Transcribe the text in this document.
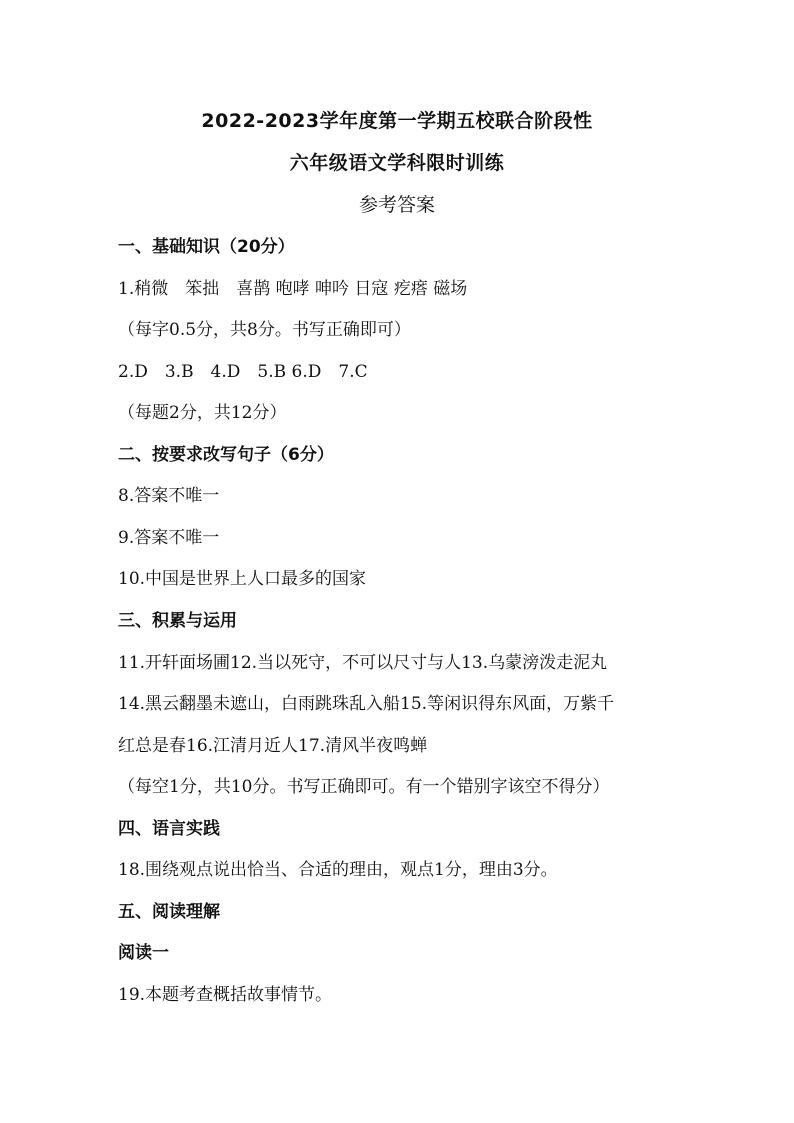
2022-2023学年度第一学期五校联合阶段性
六年级语文学科限时训练
参考答案
一、基础知识（20分）
1.稍微　笨拙　喜鹊 咆哮 呻吟 日寇 疙瘩 磁场
（每字0.5分，共8分。书写正确即可）
2.D　3.B　4.D　5.B 6.D　7.C
（每题2分，共12分）
二、按要求改写句子（6分）
8.答案不唯一
9.答案不唯一
10.中国是世界上人口最多的国家
三、积累与运用
11.开轩面场圃12.当以死守，不可以尺寸与人13.乌蒙滂泼走泥丸
14.黑云翻墨未遮山，白雨跳珠乱入船15.等闲识得东风面，万紫千
红总是春16.江清月近人17.清风半夜鸣蝉
（每空1分，共10分。书写正确即可。有一个错别字该空不得分）
四、语言实践
18.围绕观点说出恰当、合适的理由，观点1分，理由3分。
五、阅读理解
阅读一
19.本题考查概括故事情节。
